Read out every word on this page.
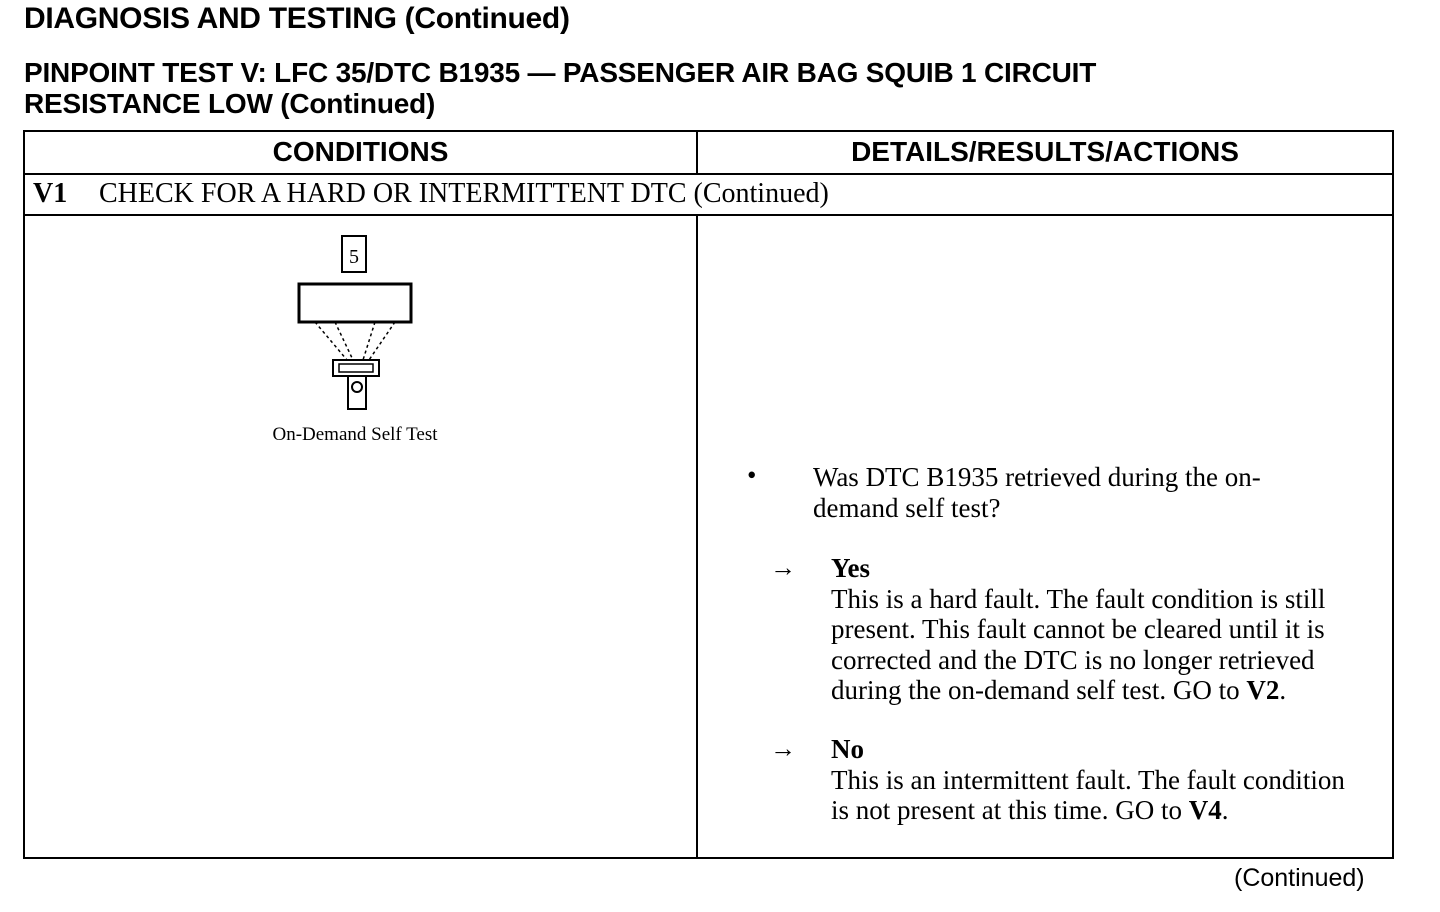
DIAGNOSIS AND TESTING (Continued)
PINPOINT TEST V: LFC 35/DTC B1935 — PASSENGER AIR BAG SQUIB 1 CIRCUIT
RESISTANCE LOW (Continued)
CONDITIONS	DETAILS/RESULTS/ACTIONS
V1 CHECK FOR A HARD OR INTERMITTENT DTC (Continued)
5
On-Demand Self Test
• Was DTC B1935 retrieved during the on-demand self test?
→ Yes
This is a hard fault. The fault condition is still present. This fault cannot be cleared until it is corrected and the DTC is no longer retrieved during the on-demand self test. GO to V2.
→ No
This is an intermittent fault. The fault condition is not present at this time. GO to V4.
(Continued)
